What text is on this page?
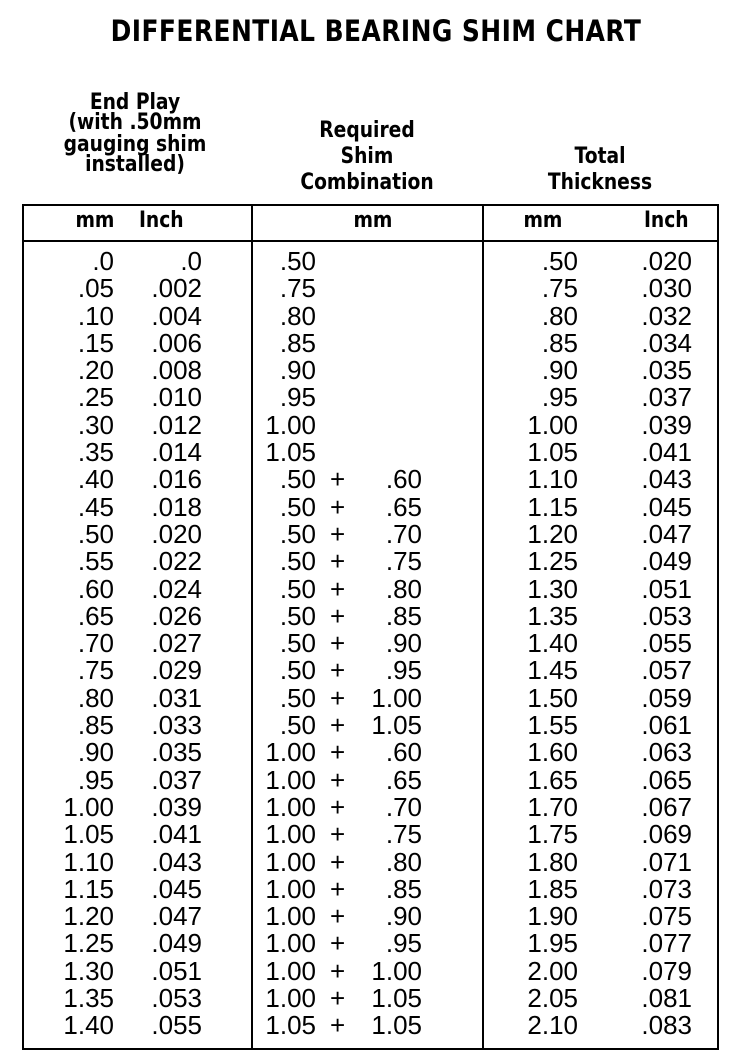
DIFFERENTIAL BEARING SHIM CHART
End Play
(with .50mm
gauging shim
installed)
Required
Shim
Combination
Total
Thickness
mm Inch	mm	mm	Inch
.0	.0	.50	.50 .020
.05 .002	.75	.75 .030
.10 .004	.80	.80 .032
.15 .006	.85	.85 .034
.20 .008	.90	.90 .035
.25 .010	.95	.95 .037
.30 .012 1.00	1.00 .039
.35 .014 1.05	1.05 .041
.40 .016	.50 + .60	1.10 .043
.45 .018	.50 + .65	1.15 .045
.50 .020	.50 + .70	1.20 .047
.55 .022	.50 + .75	1.25 .049
.60 .024	.50 + .80	1.30 .051
.65 .026	.50 + .85	1.35 .053
.70 .027	.50 + .90	1.40 .055
.75 .029	.50 + .95	1.45 .057
.80 .031	.50 + 1.00	1.50 .059
.85 .033	.50 + 1.05	1.55 .061
.90 .035 1.00 + .60	1.60 .063
.95 .037 1.00 + .65	1.65 .065
1.00 .039 1.00 + .70	1.70 .067
1.05 .041 1.00 + .75	1.75 .069
1.10 .043 1.00 + .80	1.80 .071
1.15 .045 1.00 + .85	1.85 .073
1.20 .047 1.00 + .90	1.90 .075
1.25 .049 1.00 + .95	1.95 .077
1.30 .051 1.00 + 1.00	2.00 .079
1.35 .053 1.00 + 1.05	2.05 .081
1.40 .055 1.05 + 1.05	2.10 .083
